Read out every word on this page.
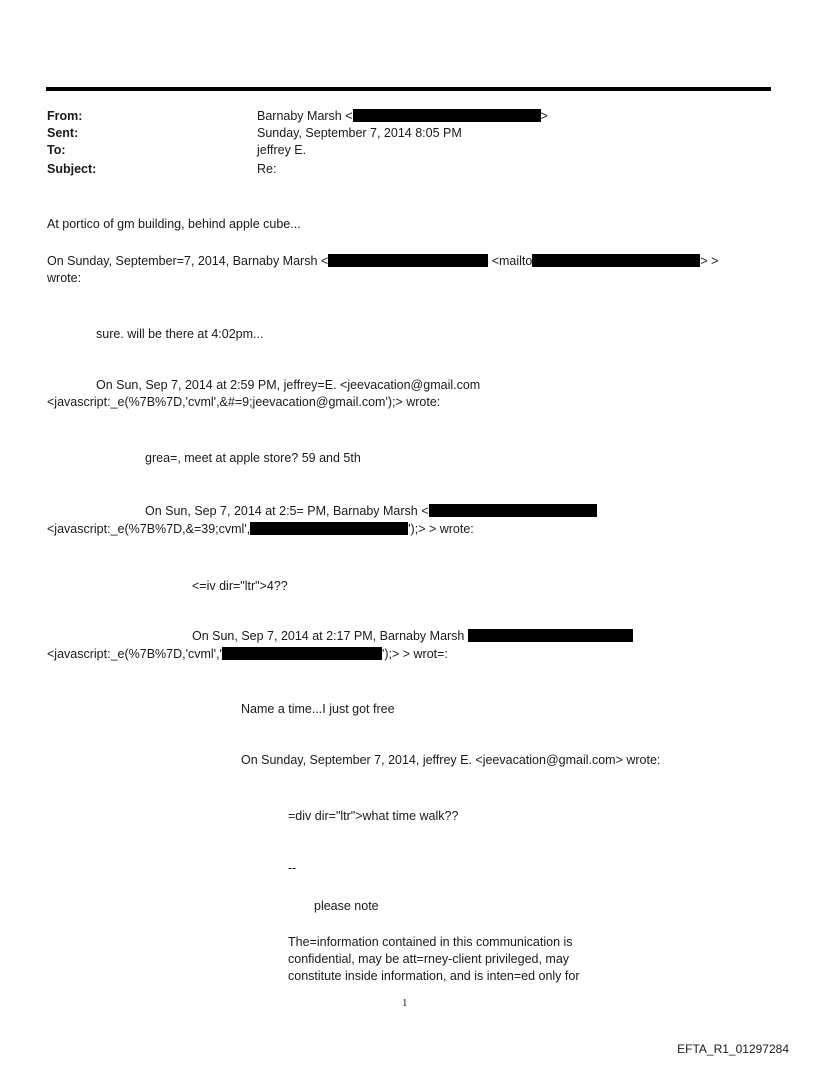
From:	Barnaby Marsh <	>
Sent:	Sunday, September 7, 2014 8:05 PM
To:	jeffrey E.
Subject:	Re:
At portico of gm building, behind apple cube...
On Sunday, September=7, 2014, Barnaby Marsh <	<mailto	> >
wrote:
sure. will be there at 4:02pm...
On Sun, Sep 7, 2014 at 2:59 PM, jeffrey=E. <jeevacation@gmail.com
<javascript:_e(%7B%7D,'cvml',&#=9;jeevacation@gmail.com');> wrote:
grea=, meet at apple store? 59 and 5th
On Sun, Sep 7, 2014 at 2:5= PM, Barnaby Marsh <
<javascript:_e(%7B%7D,&=39;cvml',	');> > wrote:
<=iv dir="ltr">4??
On Sun, Sep 7, 2014 at 2:17 PM, Barnaby Marsh
<javascript:_e(%7B%7D,'cvml','	');> > wrot=:
Name a time...I just got free
On Sunday, September 7, 2014, jeffrey E. <jeevacation@gmail.com> wrote:
=div dir="ltr">what time walk??
--
please note
The=information contained in this communication is
confidential, may be att=rney-client privileged, may
constitute inside information, and is inten=ed only for
1
EFTA_R1_01297284
